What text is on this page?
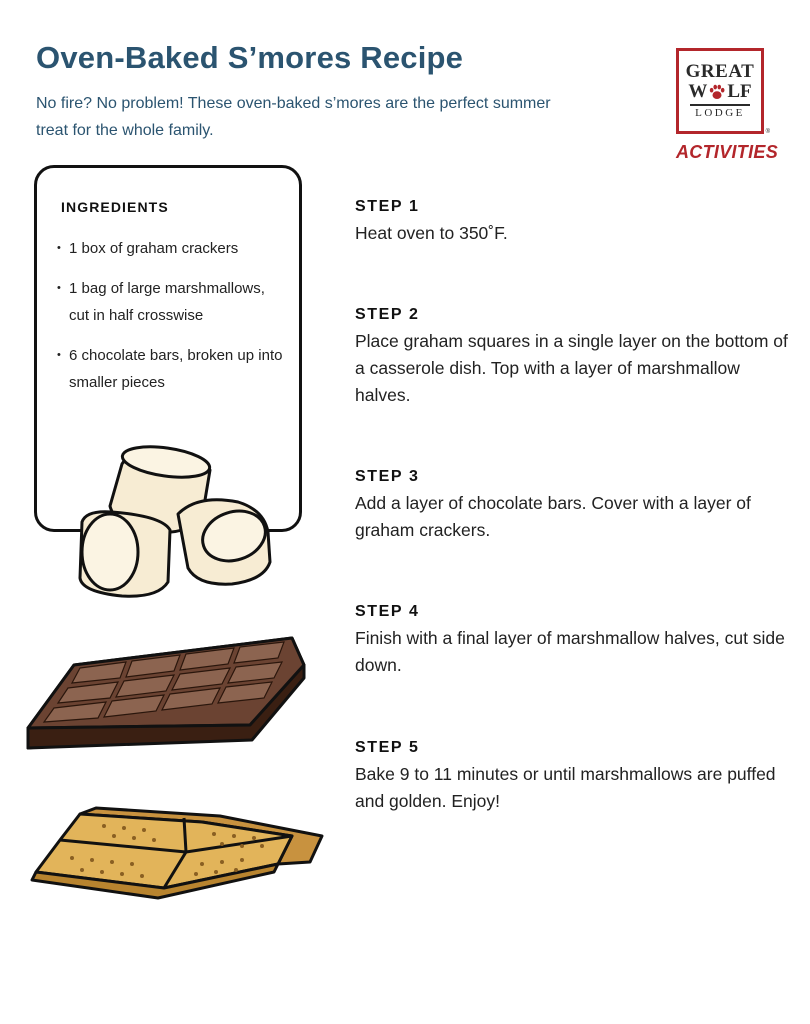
Oven-Baked S’mores Recipe

No fire? No problem! These oven-baked s’mores are the perfect summer treat for the whole family.

GREAT
W LF
LODGE
®
ACTIVITIES
INGREDIENTS
• 1 box of graham crackers
• 1 bag of large marshmallows, cut in half crosswise
• 6 chocolate bars, broken up into smaller pieces
STEP 1
Heat oven to 350˚F.
STEP 2
Place graham squares in a single layer on the bottom of a casserole dish. Top with a layer of marshmallow halves.
STEP 3
Add a layer of chocolate bars. Cover with a layer of graham crackers.
STEP 4
Finish with a final layer of marshmallow halves, cut side down.
STEP 5
Bake 9 to 11 minutes or until marshmallows are puffed and golden. Enjoy!
